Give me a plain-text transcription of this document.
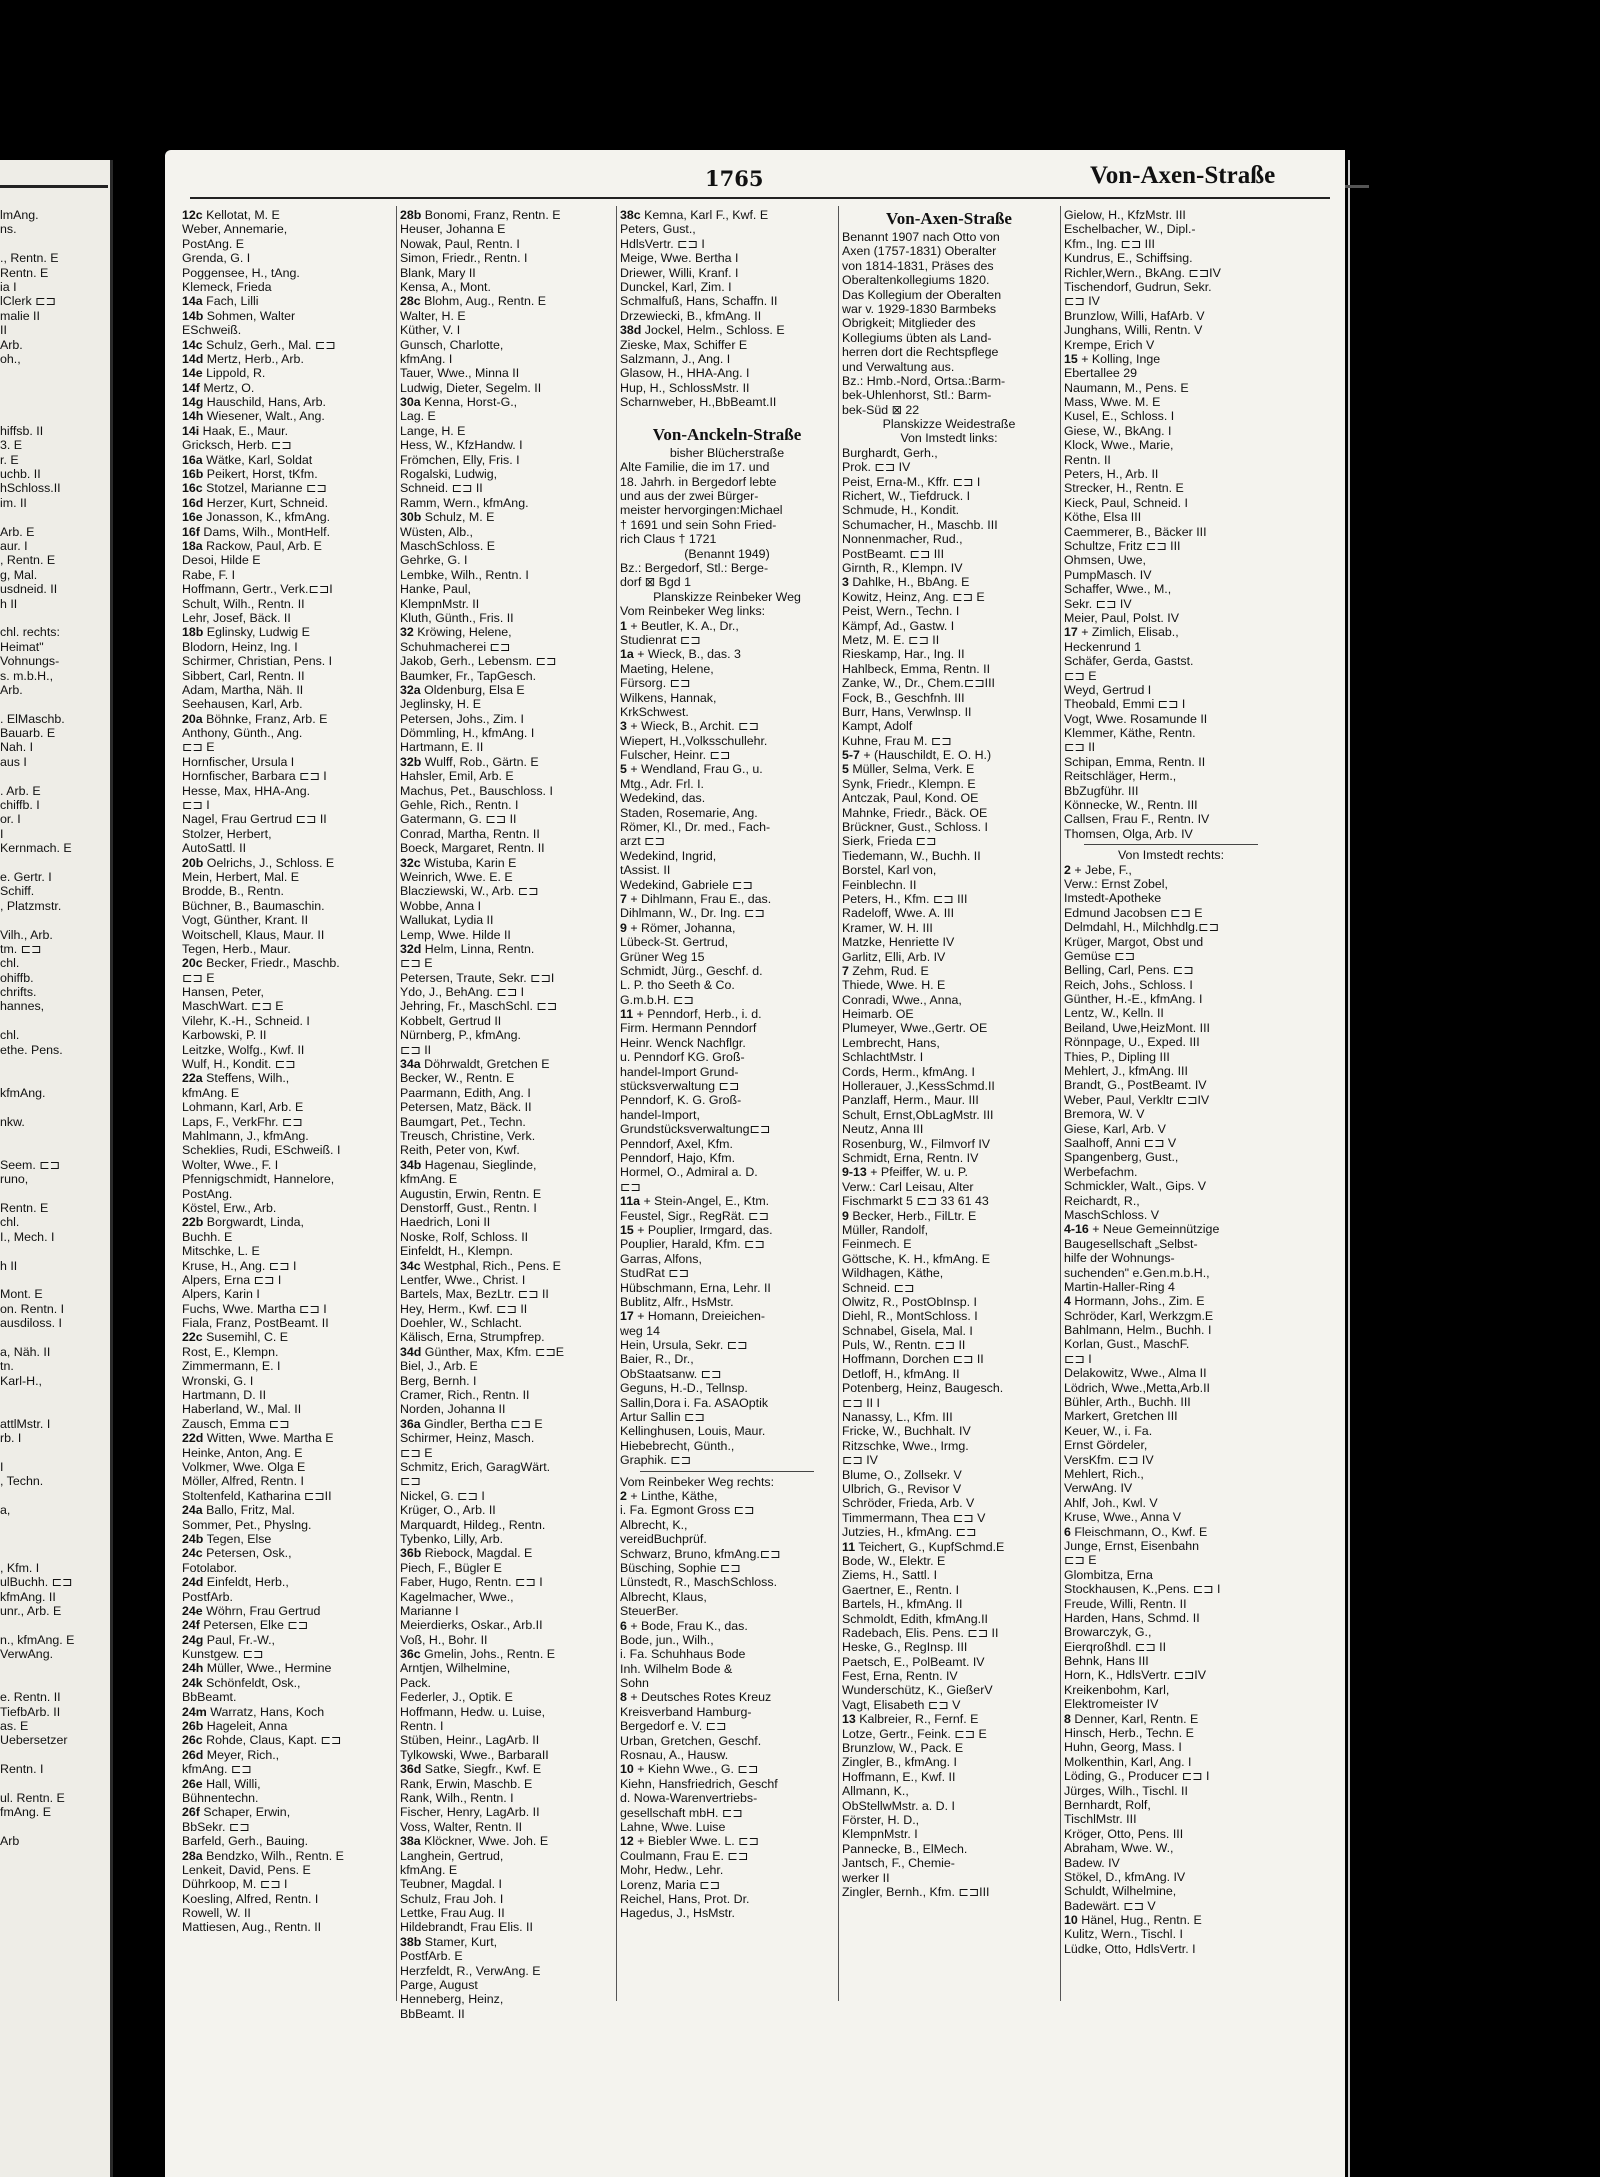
lmAng.
ns.
., Rentn. E
Rentn. E
ia I
lClerk ⊏⊐
malie II
II
Arb.
oh.,
hiffsb. II
3. E
r. E
uchb. II
hSchloss.II
im. II
Arb. E
aur. I
, Rentn. E
g, Mal.
usdneid. II
h II
chl. rechts:
Heimat"
Vohnungs-
s. m.b.H.,
Arb.
. ElMaschb.
Bauarb. E
Nah. I
aus I
. Arb. E
chiffb. I
or. I
I
Kernmach. E
e. Gertr. I
Schiff.
, Platzmstr.
Vilh., Arb.
tm. ⊏⊐
chl.
ohiffb.
chrifts.
hannes,
chl.
ethe. Pens.
kfmAng.
nkw.
Seem. ⊏⊐
runo,
Rentn. E
chl.
I., Mech. I
h II
Mont. E
on. Rentn. I
ausdiloss. I
a, Näh. II
tn.
Karl-H.,
attlMstr. I
rb. I
I
, Techn.
a,
, Kfm. I
ulBuchh. ⊏⊐
kfmAng. II
unr., Arb. E
n., kfmAng. E
VerwAng.
e. Rentn. II
TiefbArb. II
as. E
Uebersetzer
Rentn. I
ul. Rentn. E
fmAng. E
Arb
1765	Von-Axen-Straße
12c Kellotat, M. E
Weber, Annemarie,
PostAng. E
Grenda, G. I
Poggensee, H., tAng.
Klemeck, Frieda
14a Fach, Lilli
14b Sohmen, Walter
ESchweiß.
14c Schulz, Gerh., Mal. ⊏⊐
14d Mertz, Herb., Arb.
14e Lippold, R.
14f Mertz, O.
14g Hauschild, Hans, Arb.
14h Wiesener, Walt., Ang.
14i Haak, E., Maur.
Gricksch, Herb. ⊏⊐
16a Wätke, Karl, Soldat
16b Peikert, Horst, tKfm.
16c Stotzel, Marianne ⊏⊐
16d Herzer, Kurt, Schneid.
16e Jonasson, K., kfmAng.
16f Dams, Wilh., MontHelf.
18a Rackow, Paul, Arb. E
Desoi, Hilde E
Rabe, F. I
Hoffmann, Gertr., Verk.⊏⊐I
Schult, Wilh., Rentn. II
Lehr, Josef, Bäck. II
18b Eglinsky, Ludwig E
Blodorn, Heinz, Ing. I
Schirmer, Christian, Pens. I
Sibbert, Carl, Rentn. II
Adam, Martha, Näh. II
Seehausen, Karl, Arb.
20a Böhnke, Franz, Arb. E
Anthony, Günth., Ang.
⊏⊐ E
Hornfischer, Ursula I
Hornfischer, Barbara ⊏⊐ I
Hesse, Max, HHA-Ang.
⊏⊐ I
Nagel, Frau Gertrud ⊏⊐ II
Stolzer, Herbert,
AutoSattl. II
20b Oelrichs, J., Schloss. E
Mein, Herbert, Mal. E
Brodde, B., Rentn.
Büchner, B., Baumaschin.
Vogt, Günther, Krant. II
Woitschell, Klaus, Maur. II
Tegen, Herb., Maur.
20c Becker, Friedr., Maschb.
⊏⊐ E
Hansen, Peter,
MaschWart. ⊏⊐ E
Vilehr, K.-H., Schneid. I
Karbowski, P. II
Leitzke, Wolfg., Kwf. II
Wulf, H., Kondit. ⊏⊐
22a Steffens, Wilh.,
kfmAng. E
Lohmann, Karl, Arb. E
Laps, F., VerkFhr. ⊏⊐
Mahlmann, J., kfmAng.
Scheklies, Rudi, ESchweiß. I
Wolter, Wwe., F. I
Pfennigschmidt, Hannelore,
PostAng.
Köstel, Erw., Arb.
22b Borgwardt, Linda,
Buchh. E
Mitschke, L. E
Kruse, H., Ang. ⊏⊐ I
Alpers, Erna ⊏⊐ I
Alpers, Karin I
Fuchs, Wwe. Martha ⊏⊐ I
Fiala, Franz, PostBeamt. II
22c Susemihl, C. E
Rost, E., Klempn.
Zimmermann, E. I
Wronski, G. I
Hartmann, D. II
Haberland, W., Mal. II
Zausch, Emma ⊏⊐
22d Witten, Wwe. Martha E
Heinke, Anton, Ang. E
Volkmer, Wwe. Olga E
Möller, Alfred, Rentn. I
Stoltenfeld, Katharina ⊏⊐II
24a Ballo, Fritz, Mal.
Sommer, Pet., Physlng.
24b Tegen, Else
24c Petersen, Osk.,
Fotolabor.
24d Einfeldt, Herb.,
PostfArb.
24e Wöhrn, Frau Gertrud
24f Petersen, Elke ⊏⊐
24g Paul, Fr.-W.,
Kunstgew. ⊏⊐
24h Müller, Wwe., Hermine
24k Schönfeldt, Osk.,
BbBeamt.
24m Warratz, Hans, Koch
26b Hageleit, Anna
26c Rohde, Claus, Kapt. ⊏⊐
26d Meyer, Rich.,
kfmAng. ⊏⊐
26e Hall, Willi,
Bühnentechn.
26f Schaper, Erwin,
BbSekr. ⊏⊐
Barfeld, Gerh., Bauing.
28a Bendzko, Wilh., Rentn. E
Lenkeit, David, Pens. E
Dührkoop, M. ⊏⊐ I
Koesling, Alfred, Rentn. I
Rowell, W. II
Mattiesen, Aug., Rentn. II
28b Bonomi, Franz, Rentn. E
Heuser, Johanna E
Nowak, Paul, Rentn. I
Simon, Friedr., Rentn. I
Blank, Mary II
Kensa, A., Mont.
28c Blohm, Aug., Rentn. E
Walter, H. E
Küther, V. I
Gunsch, Charlotte,
kfmAng. I
Tauer, Wwe., Minna II
Ludwig, Dieter, Segelm. II
30a Kenna, Horst-G.,
Lag. E
Lange, H. E
Hess, W., KfzHandw. I
Frömchen, Elly, Fris. I
Rogalski, Ludwig,
Schneid. ⊏⊐ II
Ramm, Wern., kfmAng.
30b Schulz, M. E
Wüsten, Alb.,
MaschSchloss. E
Gehrke, G. I
Lembke, Wilh., Rentn. I
Hanke, Paul,
KlempnMstr. II
Kluth, Günth., Fris. II
32 Kröwing, Helene,
Schuhmacherei ⊏⊐
Jakob, Gerh., Lebensm. ⊏⊐
Baumker, Fr., TapGesch.
32a Oldenburg, Elsa E
Jeglinsky, H. E
Petersen, Johs., Zim. I
Dömmling, H., kfmAng. I
Hartmann, E. II
32b Wulff, Rob., Gärtn. E
Hahsler, Emil, Arb. E
Machus, Pet., Bauschloss. I
Gehle, Rich., Rentn. I
Gatermann, G. ⊏⊐ II
Conrad, Martha, Rentn. II
Boeck, Margaret, Rentn. II
32c Wistuba, Karin E
Weinrich, Wwe. E. E
Blacziewski, W., Arb. ⊏⊐
Wobbe, Anna I
Wallukat, Lydia II
Lemp, Wwe. Hilde II
32d Helm, Linna, Rentn.
⊏⊐ E
Petersen, Traute, Sekr. ⊏⊐I
Ydo, J., BehAng. ⊏⊐ I
Jehring, Fr., MaschSchl. ⊏⊐
Kobbelt, Gertrud II
Nürnberg, P., kfmAng.
⊏⊐ II
34a Döhrwaldt, Gretchen E
Becker, W., Rentn. E
Paarmann, Edith, Ang. I
Petersen, Matz, Bäck. II
Baumgart, Pet., Techn.
Treusch, Christine, Verk.
Reith, Peter von, Kwf.
34b Hagenau, Sieglinde,
kfmAng. E
Augustin, Erwin, Rentn. E
Denstorff, Gust., Rentn. I
Haedrich, Loni II
Noske, Rolf, Schloss. II
Einfeldt, H., Klempn.
34c Westphal, Rich., Pens. E
Lentfer, Wwe., Christ. I
Bartels, Max, BezLtr. ⊏⊐ II
Hey, Herm., Kwf. ⊏⊐ II
Doehler, W., Schlacht.
Kälisch, Erna, Strumpfrep.
34d Günther, Max, Kfm. ⊏⊐E
Biel, J., Arb. E
Berg, Bernh. I
Cramer, Rich., Rentn. II
Norden, Johanna II
36a Gindler, Bertha ⊏⊐ E
Schirmer, Heinz, Masch.
⊏⊐ E
Schmitz, Erich, GaragWärt.
⊏⊐
Nickel, G. ⊏⊐ I
Krüger, O., Arb. II
Marquardt, Hildeg., Rentn.
Tybenko, Lilly, Arb.
36b Riebock, Magdal. E
Piech, F., Bügler E
Faber, Hugo, Rentn. ⊏⊐ I
Kagelmacher, Wwe.,
Marianne I
Meierdierks, Oskar., Arb.II
Voß, H., Bohr. II
36c Gmelin, Johs., Rentn. E
Arntjen, Wilhelmine,
Pack.
Federler, J., Optik. E
Hoffmann, Hedw. u. Luise,
Rentn. I
Stüben, Heinr., LagArb. II
Tylkowski, Wwe., BarbaraII
36d Satke, Siegfr., Kwf. E
Rank, Erwin, Maschb. E
Rank, Wilh., Rentn. I
Fischer, Henry, LagArb. II
Voss, Walter, Rentn. II
38a Klöckner, Wwe. Joh. E
Langhein, Gertrud,
kfmAng. E
Teubner, Magdal. I
Schulz, Frau Joh. I
Lettke, Frau Aug. II
Hildebrandt, Frau Elis. II
38b Stamer, Kurt,
PostfArb. E
Herzfeldt, R., VerwAng. E
Parge, August
Henneberg, Heinz,
BbBeamt. II
38c Kemna, Karl F., Kwf. E
Peters, Gust.,
HdlsVertr. ⊏⊐ I
Meige, Wwe. Bertha I
Driewer, Willi, Kranf. I
Dunckel, Karl, Zim. I
Schmalfuß, Hans, Schaffn. II
Drzewiecki, B., kfmAng. II
38d Jockel, Helm., Schloss. E
Zieske, Max, Schiffer E
Salzmann, J., Ang. I
Glasow, H., HHA-Ang. I
Hup, H., SchlossMstr. II
Scharnweber, H.,BbBeamt.II
Von-Anckeln-Straße
bisher Blücherstraße
Alte Familie, die im 17. und
18. Jahrh. in Bergedorf lebte
und aus der zwei Bürger-
meister hervorgingen:Michael
† 1691 und sein Sohn Fried-
rich Claus † 1721
(Benannt 1949)
Bz.: Bergedorf, Stl.: Berge-
dorf ⊠ Bgd 1
Planskizze Reinbeker Weg
Vom Reinbeker Weg links:
1 + Beutler, K. A., Dr.,
Studienrat ⊏⊐
1a + Wieck, B., das. 3
Maeting, Helene,
Fürsorg. ⊏⊐
Wilkens, Hannak,
KrkSchwest.
3 + Wieck, B., Archit. ⊏⊐
Wiepert, H.,Volksschullehr.
Fulscher, Heinr. ⊏⊐
5 + Wendland, Frau G., u.
Mtg., Adr. Frl. I.
Wedekind, das.
Staden, Rosemarie, Ang.
Römer, Kl., Dr. med., Fach-
arzt ⊏⊐
Wedekind, Ingrid,
tAssist. II
Wedekind, Gabriele ⊏⊐
7 + Dihlmann, Frau E., das.
Dihlmann, W., Dr. Ing. ⊏⊐
9 + Römer, Johanna,
Lübeck-St. Gertrud,
Grüner Weg 15
Schmidt, Jürg., Geschf. d.
L. P. tho Seeth & Co.
G.m.b.H. ⊏⊐
11 + Penndorf, Herb., i. d.
Firm. Hermann Penndorf
Heinr. Wenck Nachflgr.
u. Penndorf KG. Groß-
handel-Import Grund-
stücksverwaltung ⊏⊐
Penndorf, K. G. Groß-
handel-Import,
Grundstücksverwaltung⊏⊐
Penndorf, Axel, Kfm.
Penndorf, Hajo, Kfm.
Hormel, O., Admiral a. D.
⊏⊐
11a + Stein-Angel, E., Ktm.
Feustel, Sigr., RegRät. ⊏⊐
15 + Pouplier, Irmgard, das.
Pouplier, Harald, Kfm. ⊏⊐
Garras, Alfons,
StudRat ⊏⊐
Hübschmann, Erna, Lehr. II
Bublitz, Alfr., HsMstr.
17 + Homann, Dreieichen-
weg 14
Hein, Ursula, Sekr. ⊏⊐
Baier, R., Dr.,
ObStaatsanw. ⊏⊐
Geguns, H.-D., Tellnsp.
Sallin,Dora i. Fa. ASAOptik
Artur Sallin ⊏⊐
Kellinghusen, Louis, Maur.
Hiebebrecht, Günth.,
Graphik. ⊏⊐
Vom Reinbeker Weg rechts:
2 + Linthe, Käthe,
i. Fa. Egmont Gross ⊏⊐
Albrecht, K.,
vereidBuchprüf.
Schwarz, Bruno, kfmAng.⊏⊐
Büsching, Sophie ⊏⊐
Lünstedt, R., MaschSchloss.
Albrecht, Klaus,
SteuerBer.
6 + Bode, Frau K., das.
Bode, jun., Wilh.,
i. Fa. Schuhhaus Bode
Inh. Wilhelm Bode &
Sohn
8 + Deutsches Rotes Kreuz
Kreisverband Hamburg-
Bergedorf e. V. ⊏⊐
Urban, Gretchen, Geschf.
Rosnau, A., Hausw.
10 + Kiehn Wwe., G. ⊏⊐
Kiehn, Hansfriedrich, Geschf
d. Nowa-Warenvertriebs-
gesellschaft mbH. ⊏⊐
Lahne, Wwe. Luise
12 + Biebler Wwe. L. ⊏⊐
Coulmann, Frau E. ⊏⊐
Mohr, Hedw., Lehr.
Lorenz, Maria ⊏⊐
Reichel, Hans, Prot. Dr.
Hagedus, J., HsMstr.
Von-Axen-Straße
Benannt 1907 nach Otto von
Axen (1757-1831) Oberalter
von 1814-1831, Präses des
Oberaltenkollegiums 1820.
Das Kollegium der Oberalten
war v. 1929-1830 Barmbeks
Obrigkeit; Mitglieder des
Kollegiums übten als Land-
herren dort die Rechtspflege
und Verwaltung aus.
Bz.: Hmb.-Nord, Ortsa.:Barm-
bek-Uhlenhorst, Stl.: Barm-
bek-Süd ⊠ 22
Planskizze Weidestraße
Von Imstedt links:
Burghardt, Gerh.,
Prok. ⊏⊐ IV
Peist, Erna-M., Kffr. ⊏⊐ I
Richert, W., Tiefdruck. I
Schmude, H., Kondit.
Schumacher, H., Maschb. III
Nonnenmacher, Rud.,
PostBeamt. ⊏⊐ III
Girnth, R., Klempn. IV
3 Dahlke, H., BbAng. E
Kowitz, Heinz, Ang. ⊏⊐ E
Peist, Wern., Techn. I
Kämpf, Ad., Gastw. I
Metz, M. E. ⊏⊐ II
Rieskamp, Har., Ing. II
Hahlbeck, Emma, Rentn. II
Zanke, W., Dr., Chem.⊏⊐III
Fock, B., Geschfnh. III
Burr, Hans, Verwlnsp. II
Kampt, Adolf
Kuhne, Frau M. ⊏⊐
5-7 + (Hauschildt, E. O. H.)
5 Müller, Selma, Verk. E
Synk, Friedr., Klempn. E
Antczak, Paul, Kond. OE
Mahnke, Friedr., Bäck. OE
Brückner, Gust., Schloss. I
Sierk, Frieda ⊏⊐
Tiedemann, W., Buchh. II
Borstel, Karl von,
Feinblechn. II
Peters, H., Kfm. ⊏⊐ III
Radeloff, Wwe. A. III
Kramer, W. H. III
Matzke, Henriette IV
Garlitz, Elli, Arb. IV
7 Zehm, Rud. E
Thiede, Wwe. H. E
Conradi, Wwe., Anna,
Heimarb. OE
Plumeyer, Wwe.,Gertr. OE
Lembrecht, Hans,
SchlachtMstr. I
Cords, Herm., kfmAng. I
Hollerauer, J.,KessSchmd.II
Panzlaff, Herm., Maur. III
Schult, Ernst,ObLagMstr. III
Neutz, Anna III
Rosenburg, W., Filmvorf IV
Schmidt, Erna, Rentn. IV
9-13 + Pfeiffer, W. u. P.
Verw.: Carl Leisau, Alter
Fischmarkt 5 ⊏⊐ 33 61 43
9 Becker, Herb., FilLtr. E
Müller, Randolf,
Feinmech. E
Göttsche, K. H., kfmAng. E
Wildhagen, Käthe,
Schneid. ⊏⊐
Olwitz, R., PostObInsp. I
Diehl, R., MontSchloss. I
Schnabel, Gisela, Mal. I
Puls, W., Rentn. ⊏⊐ II
Hoffmann, Dorchen ⊏⊐ II
Detloff, H., kfmAng. II
Potenberg, Heinz, Baugesch.
⊏⊐ II I
Nanassy, L., Kfm. III
Fricke, W., Buchhalt. IV
Ritzschke, Wwe., Irmg.
⊏⊐ IV
Blume, O., Zollsekr. V
Ulbrich, G., Revisor V
Schröder, Frieda, Arb. V
Timmermann, Thea ⊏⊐ V
Jutzies, H., kfmAng. ⊏⊐
11 Teichert, G., KupfSchmd.E
Bode, W., Elektr. E
Ziems, H., Sattl. I
Gaertner, E., Rentn. I
Bartels, H., kfmAng. II
Schmoldt, Edith, kfmAng.II
Radebach, Elis. Pens. ⊏⊐ II
Heske, G., RegInsp. III
Paetsch, E., PolBeamt. IV
Fest, Erna, Rentn. IV
Wunderschütz, K., GießerV
Vagt, Elisabeth ⊏⊐ V
13 Kalbreier, R., Fernf. E
Lotze, Gertr., Feink. ⊏⊐ E
Brunzlow, W., Pack. E
Zingler, B., kfmAng. I
Hoffmann, E., Kwf. II
Allmann, K.,
ObStellwMstr. a. D. I
Förster, H. D.,
KlempnMstr. I
Pannecke, B., ElMech.
Jantsch, F., Chemie-
werker II
Zingler, Bernh., Kfm. ⊏⊐III
Gielow, H., KfzMstr. III
Eschelbacher, W., Dipl.-
Kfm., Ing. ⊏⊐ III
Kundrus, E., Schiffsing.
Richler,Wern., BkAng. ⊏⊐IV
Tischendorf, Gudrun, Sekr.
⊏⊐ IV
Brunzlow, Willi, HafArb. V
Junghans, Willi, Rentn. V
Krempe, Erich V
15 + Kolling, Inge
Ebertallee 29
Naumann, M., Pens. E
Mass, Wwe. M. E
Kusel, E., Schloss. I
Giese, W., BkAng. I
Klock, Wwe., Marie,
Rentn. II
Peters, H., Arb. II
Strecker, H., Rentn. E
Kieck, Paul, Schneid. I
Köthe, Elsa III
Caemmerer, B., Bäcker III
Schultze, Fritz ⊏⊐ III
Ohmsen, Uwe,
PumpMasch. IV
Schaffer, Wwe., M.,
Sekr. ⊏⊐ IV
Meier, Paul, Polst. IV
17 + Zimlich, Elisab.,
Heckenrund 1
Schäfer, Gerda, Gastst.
⊏⊐ E
Weyd, Gertrud I
Theobald, Emmi ⊏⊐ I
Vogt, Wwe. Rosamunde II
Klemmer, Käthe, Rentn.
⊏⊐ II
Schipan, Emma, Rentn. II
Reitschläger, Herm.,
BbZugführ. III
Könnecke, W., Rentn. III
Callsen, Frau F., Rentn. IV
Thomsen, Olga, Arb. IV
Von Imstedt rechts:
2 + Jebe, F.,
Verw.: Ernst Zobel,
Imstedt-Apotheke
Edmund Jacobsen ⊏⊐ E
Delmdahl, H., Milchhdlg.⊏⊐
Krüger, Margot, Obst und
Gemüse ⊏⊐
Belling, Carl, Pens. ⊏⊐
Reich, Johs., Schloss. I
Günther, H.-E., kfmAng. I
Lentz, W., Kelln. II
Beiland, Uwe,HeizMont. III
Rönnpage, U., Exped. III
Thies, P., Dipling III
Mehlert, J., kfmAng. III
Brandt, G., PostBeamt. IV
Weber, Paul, Verkltr ⊏⊐IV
Bremora, W. V
Giese, Karl, Arb. V
Saalhoff, Anni ⊏⊐ V
Spangenberg, Gust.,
Werbefachm.
Schmickler, Walt., Gips. V
Reichardt, R.,
MaschSchloss. V
4-16 + Neue Gemeinnützige
Baugesellschaft „Selbst-
hilfe der Wohnungs-
suchenden" e.Gen.m.b.H.,
Martin-Haller-Ring 4
4 Hormann, Johs., Zim. E
Schröder, Karl, Werkzgm.E
Bahlmann, Helm., Buchh. I
Korlan, Gust., MaschF.
⊏⊐ I
Delakowitz, Wwe., Alma II
Lödrich, Wwe.,Metta,Arb.II
Bühler, Arth., Buchh. III
Markert, Gretchen III
Keuer, W., i. Fa.
Ernst Gördeler,
VersKfm. ⊏⊐ IV
Mehlert, Rich.,
VerwAng. IV
Ahlf, Joh., Kwl. V
Kruse, Wwe., Anna V
6 Fleischmann, O., Kwf. E
Junge, Ernst, Eisenbahn
⊏⊐ E
Glombitza, Erna
Stockhausen, K.,Pens. ⊏⊐ I
Freude, Willi, Rentn. II
Harden, Hans, Schmd. II
Browarczyk, G.,
Eierqroßhdl. ⊏⊐ II
Behnk, Hans III
Horn, K., HdlsVertr. ⊏⊐IV
Kreikenbohm, Karl,
Elektromeister IV
8 Denner, Karl, Rentn. E
Hinsch, Herb., Techn. E
Huhn, Georg, Mass. I
Molkenthin, Karl, Ang. I
Löding, G., Producer ⊏⊐ I
Jürges, Wilh., Tischl. II
Bernhardt, Rolf,
TischlMstr. III
Kröger, Otto, Pens. III
Abraham, Wwe. W.,
Badew. IV
Stökel, D., kfmAng. IV
Schuldt, Wilhelmine,
Badewärt. ⊏⊐ V
10 Hänel, Hug., Rentn. E
Kulitz, Wern., Tischl. I
Lüdke, Otto, HdlsVertr. I
